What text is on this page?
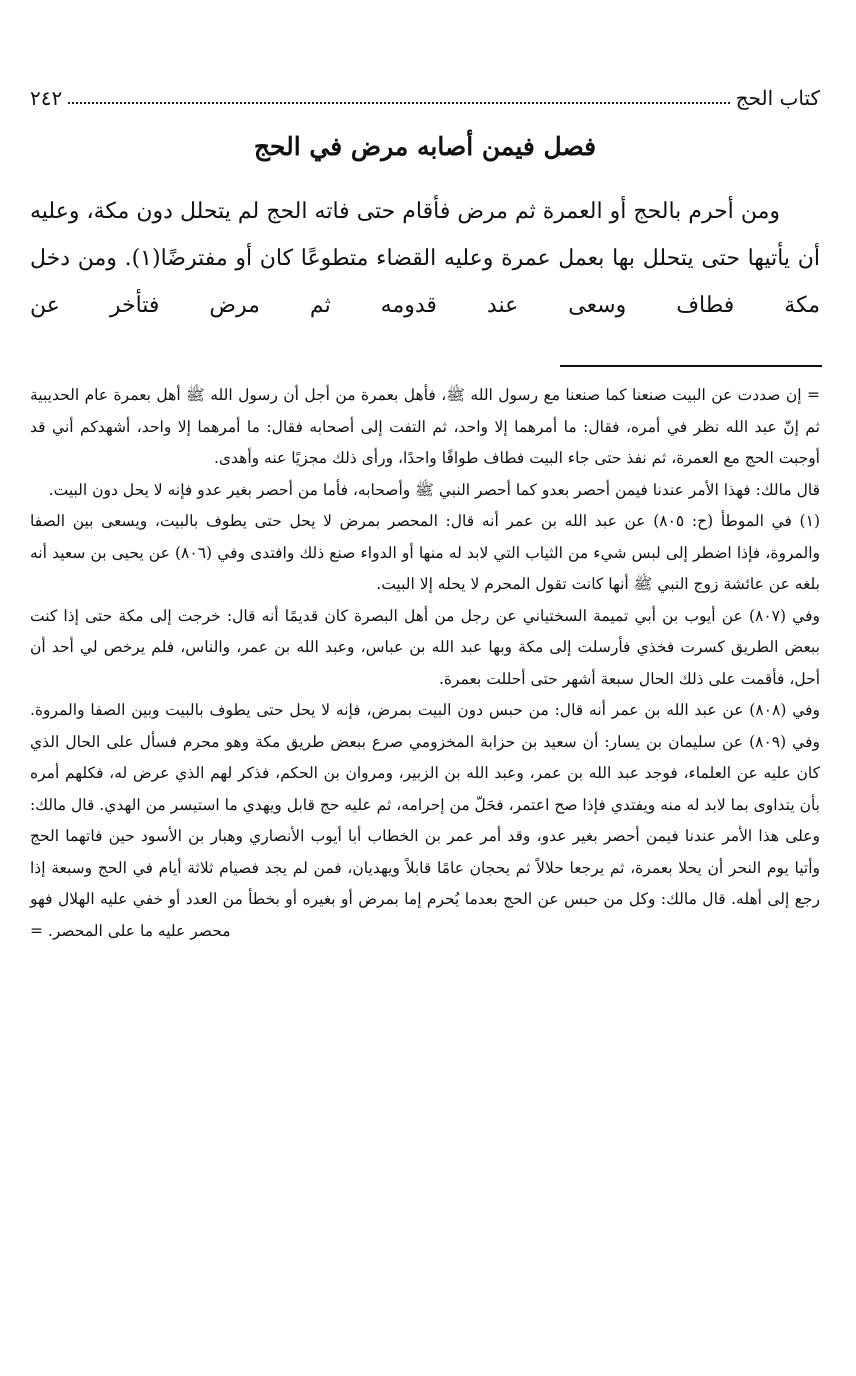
كتاب الحج
٢٤٢
فصل فيمن أصابه مرض في الحج

ومن أحرم بالحج أو العمرة ثم مرض فأقام حتى فاته الحج لم يتحلل دون مكة، وعليه أن يأتيها حتى يتحلل بها بعمل عمرة وعليه القضاء متطوعًا كان أو مفترضًا(١). ومن دخل مكة فطاف وسعى عند قدومه ثم مرض فتأخر عن

= إن صددت عن البيت صنعنا كما صنعنا مع رسول الله ﷺ، فأهل بعمرة من أجل أن رسول الله ﷺ أهل بعمرة عام الحديبية ثم إنّ عبد الله نظر في أمره، فقال: ما أمرهما إلا واحد، ثم التفت إلى أصحابه فقال: ما أمرهما إلا واحد، أشهدكم أني قد أوجبت الحج مع العمرة، ثم نفذ حتى جاء البيت فطاف طوافًا واحدًا، ورأى ذلك مجزيًا عنه وأهدى.

قال مالك: فهذا الأمر عندنا فيمن أحصر بعدو كما أحصر النبي ﷺ وأصحابه، فأما من أحصر بغير عدو فإنه لا يحل دون البيت.

(١) في الموطأ (ح: ٨٠٥) عن عبد الله بن عمر أنه قال: المحصر بمرض لا يحل حتى يطوف بالبيت، ويسعى بين الصفا والمروة، فإذا اضطر إلى لبس شيء من الثياب التي لابد له منها أو الدواء صنع ذلك وافتدى وفي (٨٠٦) عن يحيى بن سعيد أنه بلغه عن عائشة زوج النبي ﷺ أنها كانت تقول المحرم لا يحله إلا البيت.

وفي (٨٠٧) عن أيوب بن أبي تميمة السختياني عن رجل من أهل البصرة كان قديمًا أنه قال: خرجت إلى مكة حتى إذا كنت ببعض الطريق كسرت فخذي فأرسلت إلى مكة وبها عبد الله بن عباس، وعبد الله بن عمر، والناس، فلم يرخص لي أحد أن أحل، فأقمت على ذلك الحال سبعة أشهر حتى أحللت بعمرة.

وفي (٨٠٨) عن عبد الله بن عمر أنه قال: من حبس دون البيت بمرض، فإنه لا يحل حتى يطوف بالبيت وبين الصفا والمروة. وفي (٨٠٩) عن سليمان بن يسار: أن سعيد بن حزابة المخزومي صرع ببعض طريق مكة وهو محرم فسأل على الحال الذي كان عليه عن العلماء، فوجد عبد الله بن عمر، وعبد الله بن الزبير، ومروان بن الحكم، فذكر لهم الذي عرض له، فكلهم أمره بأن يتداوى بما لابد له منه ويفتدي فإذا صح اعتمر، فحَلّ من إحرامه، ثم عليه حج قابل ويهدي ما استيسر من الهدي. قال مالك: وعلى هذا الأمر عندنا فيمن أحصر بغير عدو، وقد أمر عمر بن الخطاب أبا أيوب الأنصاري وهبار بن الأسود حين فاتهما الحج وأتيا يوم النحر أن يحلا بعمرة، ثم يرجعا حلالاً ثم يحجان عامًا قابلاً ويهديان، فمن لم يجد فصيام ثلاثة أيام في الحج وسبعة إذا رجع إلى أهله. قال مالك: وكل من حبس عن الحج بعدما يُحرم إما بمرض أو بغيره أو بخطأ من العدد أو خفي عليه الهلال فهو محصر عليه ما على المحصر. =
